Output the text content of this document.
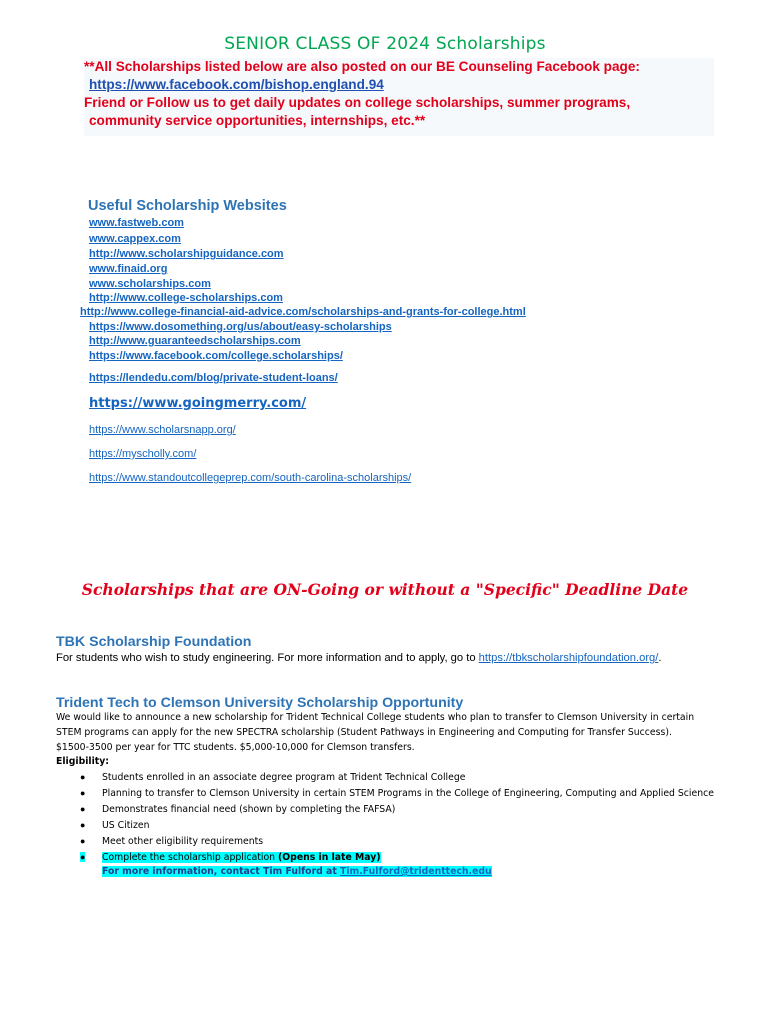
SENIOR CLASS OF 2024 Scholarships
**All Scholarships listed below are also posted on our BE Counseling Facebook page:
https://www.facebook.com/bishop.england.94
Friend or Follow us to get daily updates on college scholarships, summer programs,
community service opportunities, internships, etc.**
Useful Scholarship Websites
www.fastweb.com
www.cappex.com
http://www.scholarshipguidance.com
www.finaid.org
www.scholarships.com
http://www.college-scholarships.com
http://www.college-financial-aid-advice.com/scholarships-and-grants-for-college.html
https://www.dosomething.org/us/about/easy-scholarships
http://www.guaranteedscholarships.com
https://www.facebook.com/college.scholarships/
https://lendedu.com/blog/private-student-loans/
https://www.goingmerry.com/
https://www.scholarsnapp.org/
https://myscholly.com/
https://www.standoutcollegeprep.com/south-carolina-scholarships/
Scholarships that are ON-Going or without a "Specific" Deadline Date
TBK Scholarship Foundation
For students who wish to study engineering. For more information and to apply, go to https://tbkscholarshipfoundation.org/.
Trident Tech to Clemson University Scholarship Opportunity
We would like to announce a new scholarship for Trident Technical College students who plan to transfer to Clemson University in certain
STEM programs can apply for the new SPECTRA scholarship (Student Pathways in Engineering and Computing for Transfer Success).
$1500-3500 per year for TTC students. $5,000-10,000 for Clemson transfers.
Eligibility:
● Students enrolled in an associate degree program at Trident Technical College
● Planning to transfer to Clemson University in certain STEM Programs in the College of Engineering, Computing and Applied Science
● Demonstrates financial need (shown by completing the FAFSA)
● US Citizen
● Meet other eligibility requirements
● Complete the scholarship application (Opens in late May)
For more information, contact Tim Fulford at Tim.Fulford@tridenttech.edu
